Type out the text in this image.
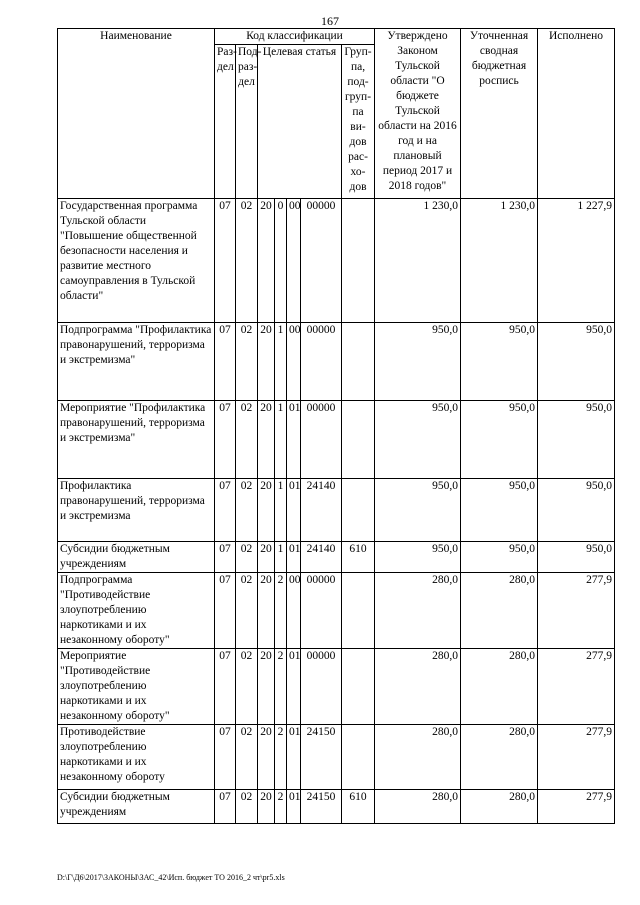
167
Наименование	Код классификации							Утверждено Законом Тульской области "О бюджете Тульской области на 2016 год и на плановый период 2017 и 2018 годов"	Уточненная сводная бюджетная роспись	Исполнено
	Раз-дел	Под-раз-дел	Целевая статья				Груп-па, под-груп-па ви-дов рас-хо-дов			
Государственная программа Тульской области "Повышение общественной безопасности населения и развитие местного самоуправления в Тульской области"	07	02	20	0	00	00000		1 230,0	1 230,0	1 227,9
Подпрограмма "Профилактика правонарушений, терроризма и экстремизма"	07	02	20	1	00	00000		950,0	950,0	950,0
Мероприятие "Профилактика правонарушений, терроризма и экстремизма"	07	02	20	1	01	00000		950,0	950,0	950,0
Профилактика правонарушений, терроризма и экстремизма	07	02	20	1	01	24140		950,0	950,0	950,0
Субсидии бюджетным учреждениям	07	02	20	1	01	24140	610	950,0	950,0	950,0
Подпрограмма "Противодействие злоупотреблению наркотиками и их незаконному обороту"	07	02	20	2	00	00000		280,0	280,0	277,9
Мероприятие "Противодействие злоупотреблению наркотиками и их незаконному обороту"	07	02	20	2	01	00000		280,0	280,0	277,9
Противодействие злоупотреблению наркотиками и их незаконному обороту	07	02	20	2	01	24150		280,0	280,0	277,9
Субсидии бюджетным учреждениям	07	02	20	2	01	24150	610	280,0	280,0	277,9
D:\Г\Д6\2017\ЗАКОНЫ\ЗАС_42\Исп. бюджет ТО 2016_2 чт\pr5.xls
